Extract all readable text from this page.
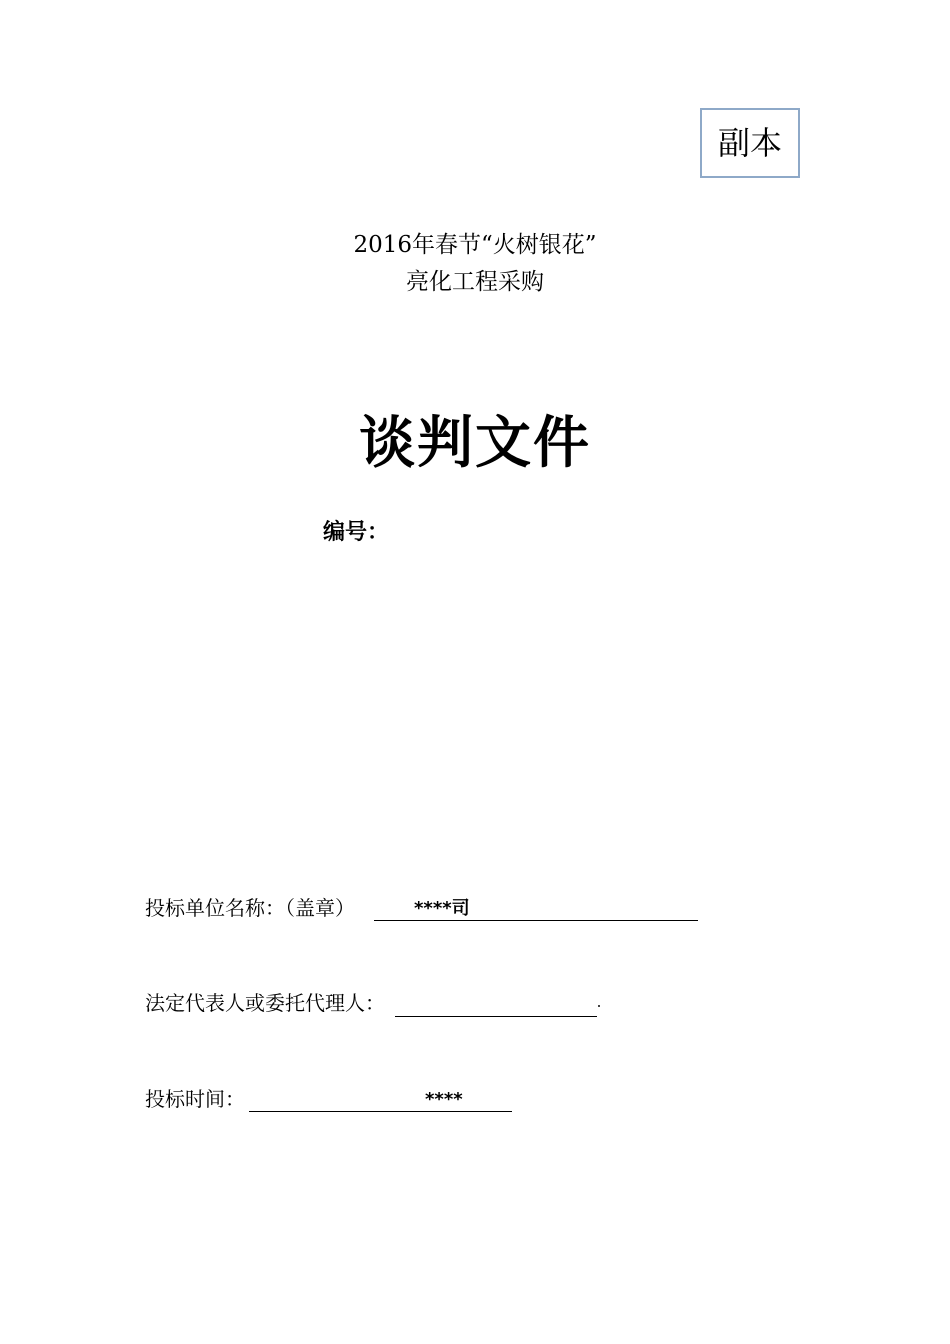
副本
2016年春节“火树银花”
亮化工程采购
谈判文件
编号：
投标单位名称：（盖章）	****司
法定代表人或委托代理人：
投标时间：	****
